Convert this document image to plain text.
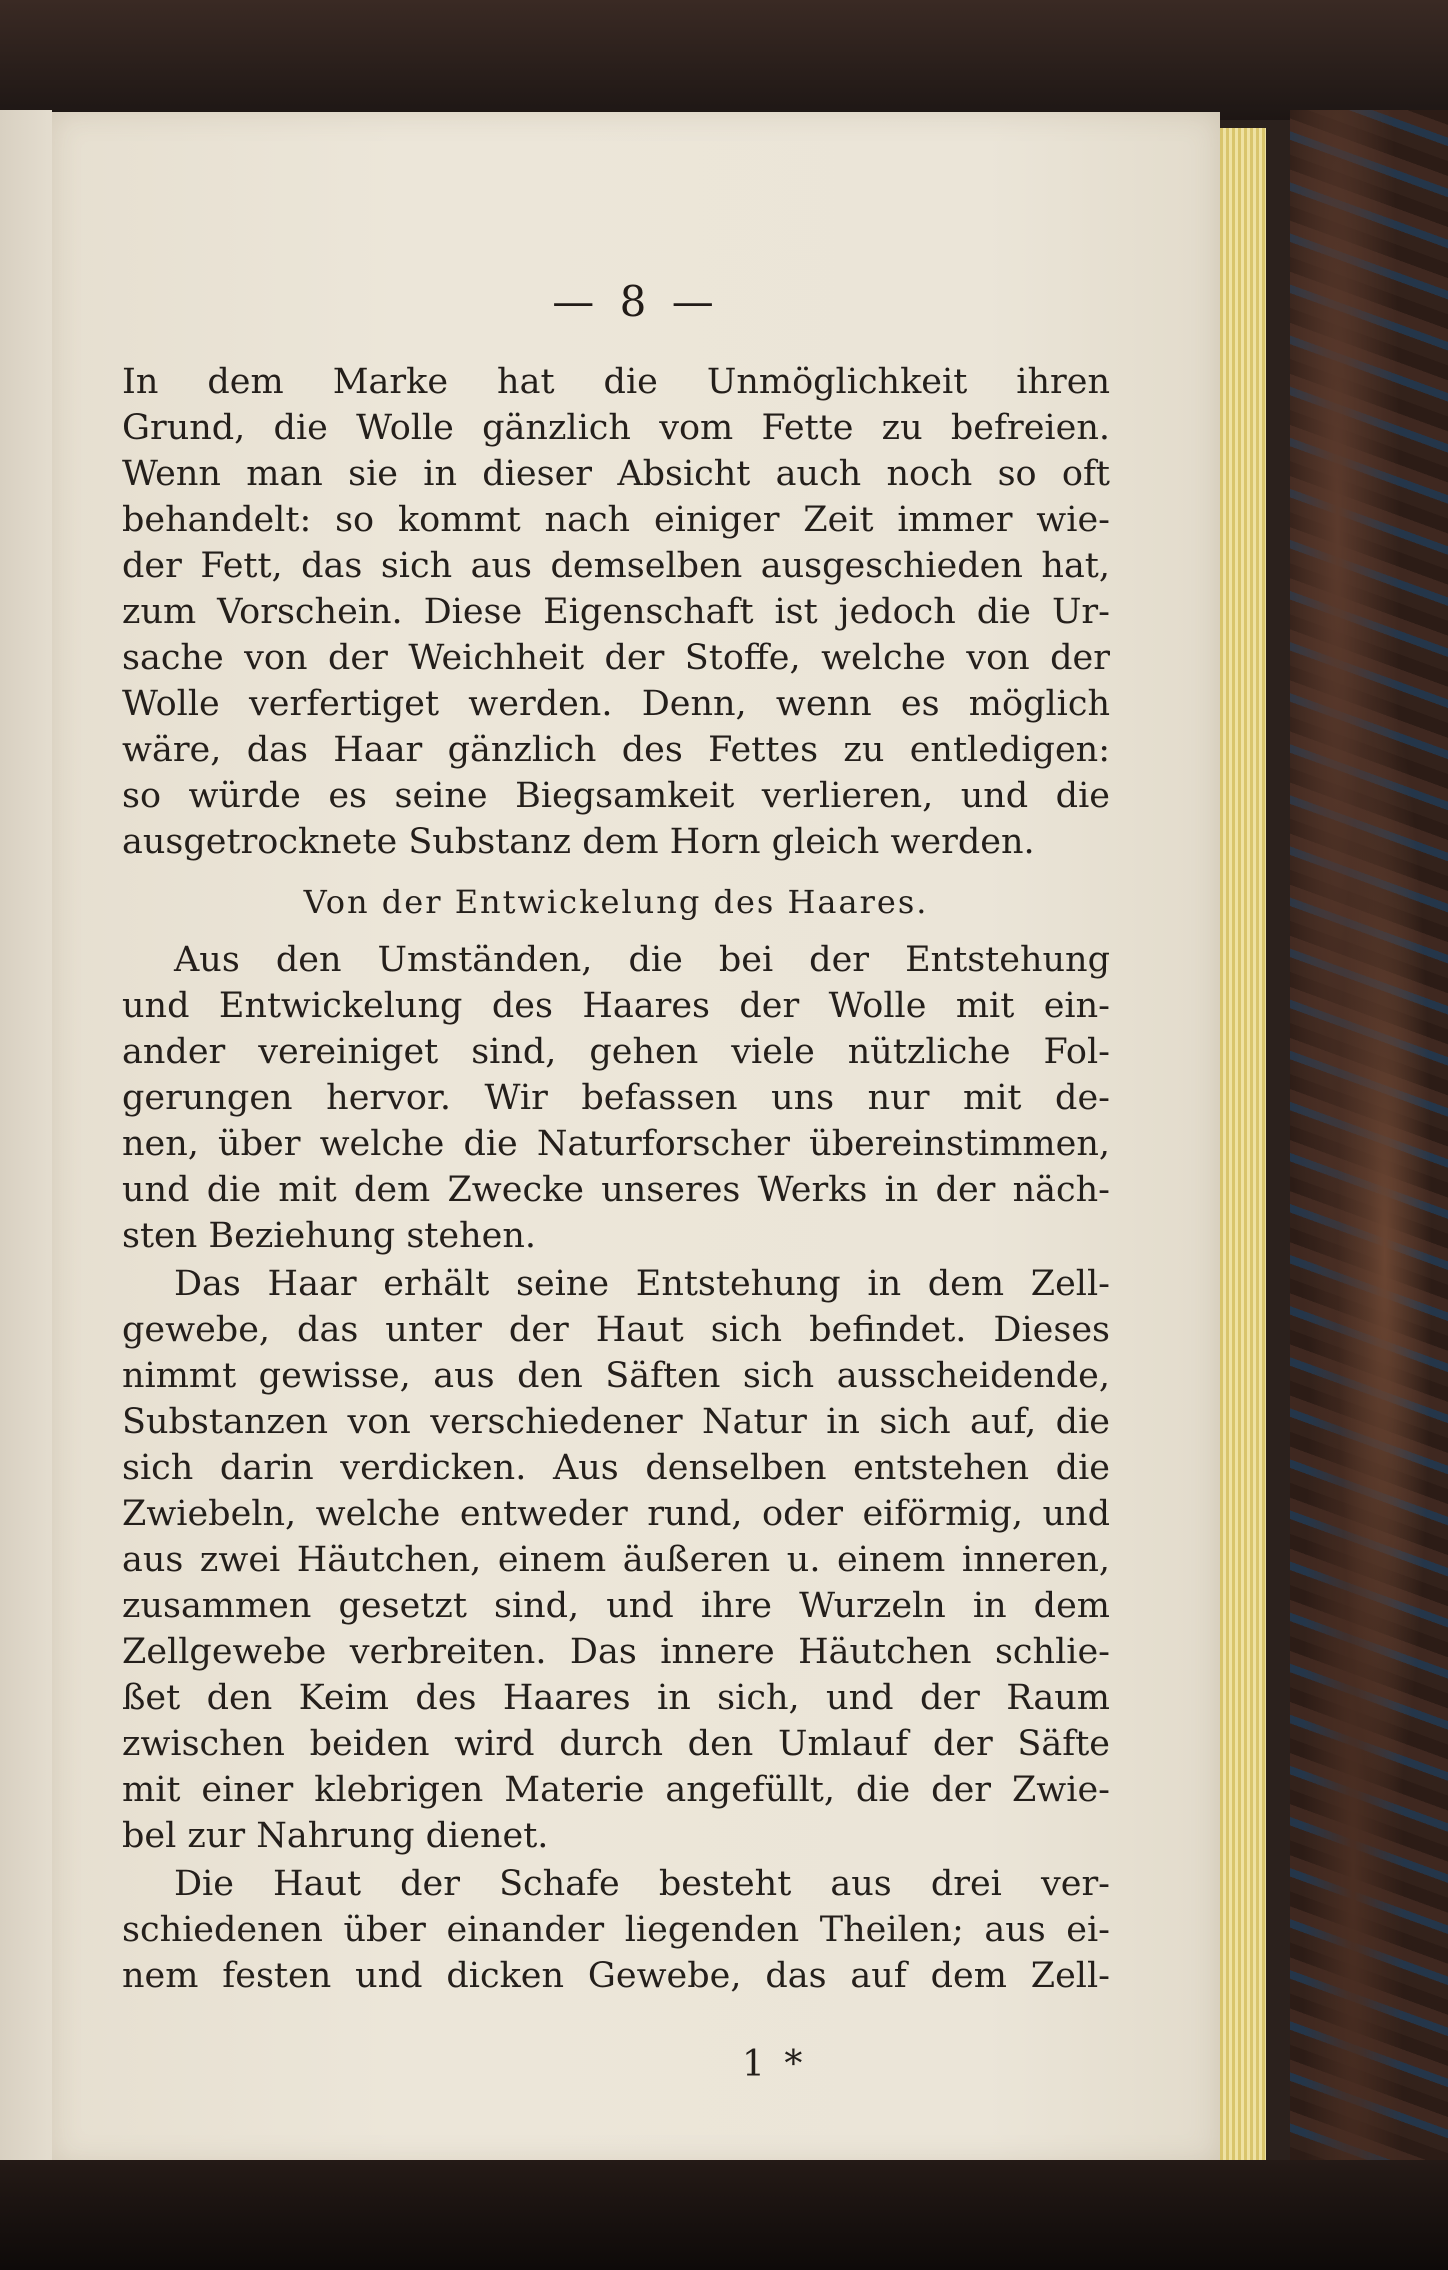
— 8 —
In dem Marke hat die Unmöglichkeit ihren
Grund, die Wolle gänzlich vom Fette zu befreien.
Wenn man sie in dieser Absicht auch noch so oft
behandelt: so kommt nach einiger Zeit immer wie-
der Fett, das sich aus demselben ausgeschieden hat,
zum Vorschein. Diese Eigenschaft ist jedoch die Ur-
sache von der Weichheit der Stoffe, welche von der
Wolle verfertiget werden. Denn, wenn es möglich
wäre, das Haar gänzlich des Fettes zu entledigen:
so würde es seine Biegsamkeit verlieren, und die
ausgetrocknete Substanz dem Horn gleich werden.
Von der Entwickelung des Haares.
Aus den Umständen, die bei der Entstehung
und Entwickelung des Haares der Wolle mit ein-
ander vereiniget sind, gehen viele nützliche Fol-
gerungen hervor. Wir befassen uns nur mit de-
nen, über welche die Naturforscher übereinstimmen,
und die mit dem Zwecke unseres Werks in der näch-
sten Beziehung stehen.
Das Haar erhält seine Entstehung in dem Zell-
gewebe, das unter der Haut sich befindet. Dieses
nimmt gewisse, aus den Säften sich ausscheidende,
Substanzen von verschiedener Natur in sich auf, die
sich darin verdicken. Aus denselben entstehen die
Zwiebeln, welche entweder rund, oder eiförmig, und
aus zwei Häutchen, einem äußeren u. einem inneren,
zusammen gesetzt sind, und ihre Wurzeln in dem
Zellgewebe verbreiten. Das innere Häutchen schlie-
ßet den Keim des Haares in sich, und der Raum
zwischen beiden wird durch den Umlauf der Säfte
mit einer klebrigen Materie angefüllt, die der Zwie-
bel zur Nahrung dienet.
Die Haut der Schafe besteht aus drei ver-
schiedenen über einander liegenden Theilen; aus ei-
nem festen und dicken Gewebe, das auf dem Zell-
1 *
